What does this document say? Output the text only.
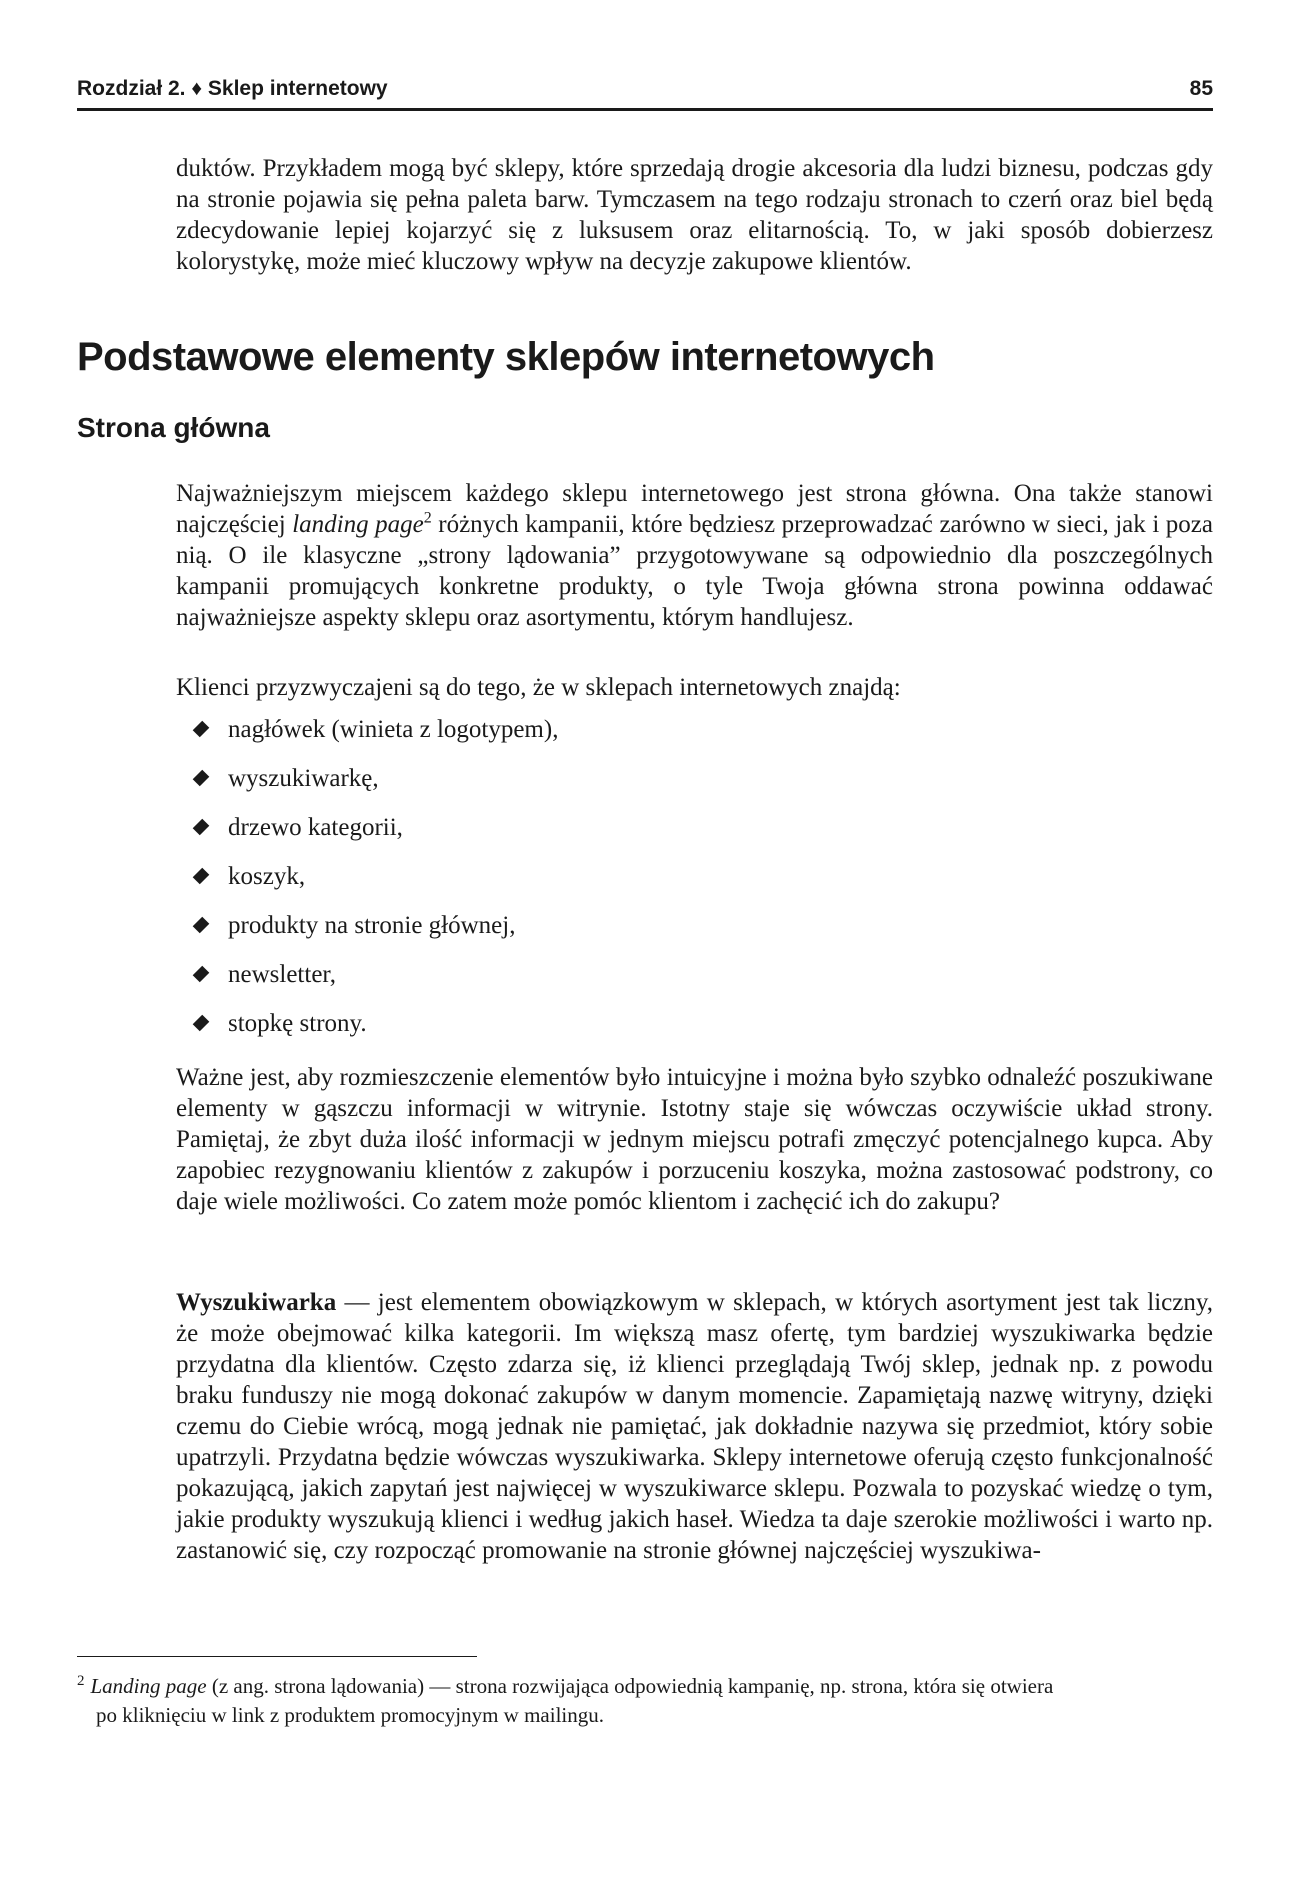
Rozdział 2. ♦ Sklep internetowy	85

duktów. Przykładem mogą być sklepy, które sprzedają drogie akcesoria dla ludzi biznesu, podczas gdy na stronie pojawia się pełna paleta barw. Tymczasem na tego rodzaju stronach to czerń oraz biel będą zdecydowanie lepiej kojarzyć się z luksusem oraz elitarnością. To, w jaki sposób dobierzesz kolorystykę, może mieć kluczowy wpływ na decyzje zakupowe klientów.

Podstawowe elementy sklepów internetowych
Strona główna

Najważniejszym miejscem każdego sklepu internetowego jest strona główna. Ona także stanowi najczęściej landing page$^2$ różnych kampanii, które będziesz przeprowadzać zarówno w sieci, jak i poza nią. O ile klasyczne „strony lądowania” przygotowywane są odpowiednio dla poszczególnych kampanii promujących konkretne produkty, o tyle Twoja główna strona powinna oddawać najważniejsze aspekty sklepu oraz asortymentu, którym handlujesz.

Klienci przyzwyczajeni są do tego, że w sklepach internetowych znajdą:

nagłówek (winieta z logotypem),
wyszukiwarkę,
drzewo kategorii,
koszyk,
produkty na stronie głównej,
newsletter,
stopkę strony.

Ważne jest, aby rozmieszczenie elementów było intuicyjne i można było szybko odnaleźć poszukiwane elementy w gąszczu informacji w witrynie. Istotny staje się wówczas oczywiście układ strony. Pamiętaj, że zbyt duża ilość informacji w jednym miejscu potrafi zmęczyć potencjalnego kupca. Aby zapobiec rezygnowaniu klientów z zakupów i porzuceniu koszyka, można zastosować podstrony, co daje wiele możliwości. Co zatem może pomóc klientom i zachęcić ich do zakupu?

Wyszukiwarka — jest elementem obowiązkowym w sklepach, w których asortyment jest tak liczny, że może obejmować kilka kategorii. Im większą masz ofertę, tym bardziej wyszukiwarka będzie przydatna dla klientów. Często zdarza się, iż klienci przeglądają Twój sklep, jednak np. z powodu braku funduszy nie mogą dokonać zakupów w danym momencie. Zapamiętają nazwę witryny, dzięki czemu do Ciebie wrócą, mogą jednak nie pamiętać, jak dokładnie nazywa się przedmiot, który sobie upatrzyli. Przydatna będzie wówczas wyszukiwarka. Sklepy internetowe oferują często funkcjonalność pokazującą, jakich zapytań jest najwięcej w wyszukiwarce sklepu. Pozwala to pozyskać wiedzę o tym, jakie produkty wyszukują klienci i według jakich haseł. Wiedza ta daje szerokie możliwości i warto np. zastanowić się, czy rozpocząć promowanie na stronie głównej najczęściej wyszukiwa-

$^2$ Landing page (z ang. strona lądowania) — strona rozwijająca odpowiednią kampanię, np. strona, która się otwiera
po kliknięciu w link z produktem promocyjnym w mailingu.
